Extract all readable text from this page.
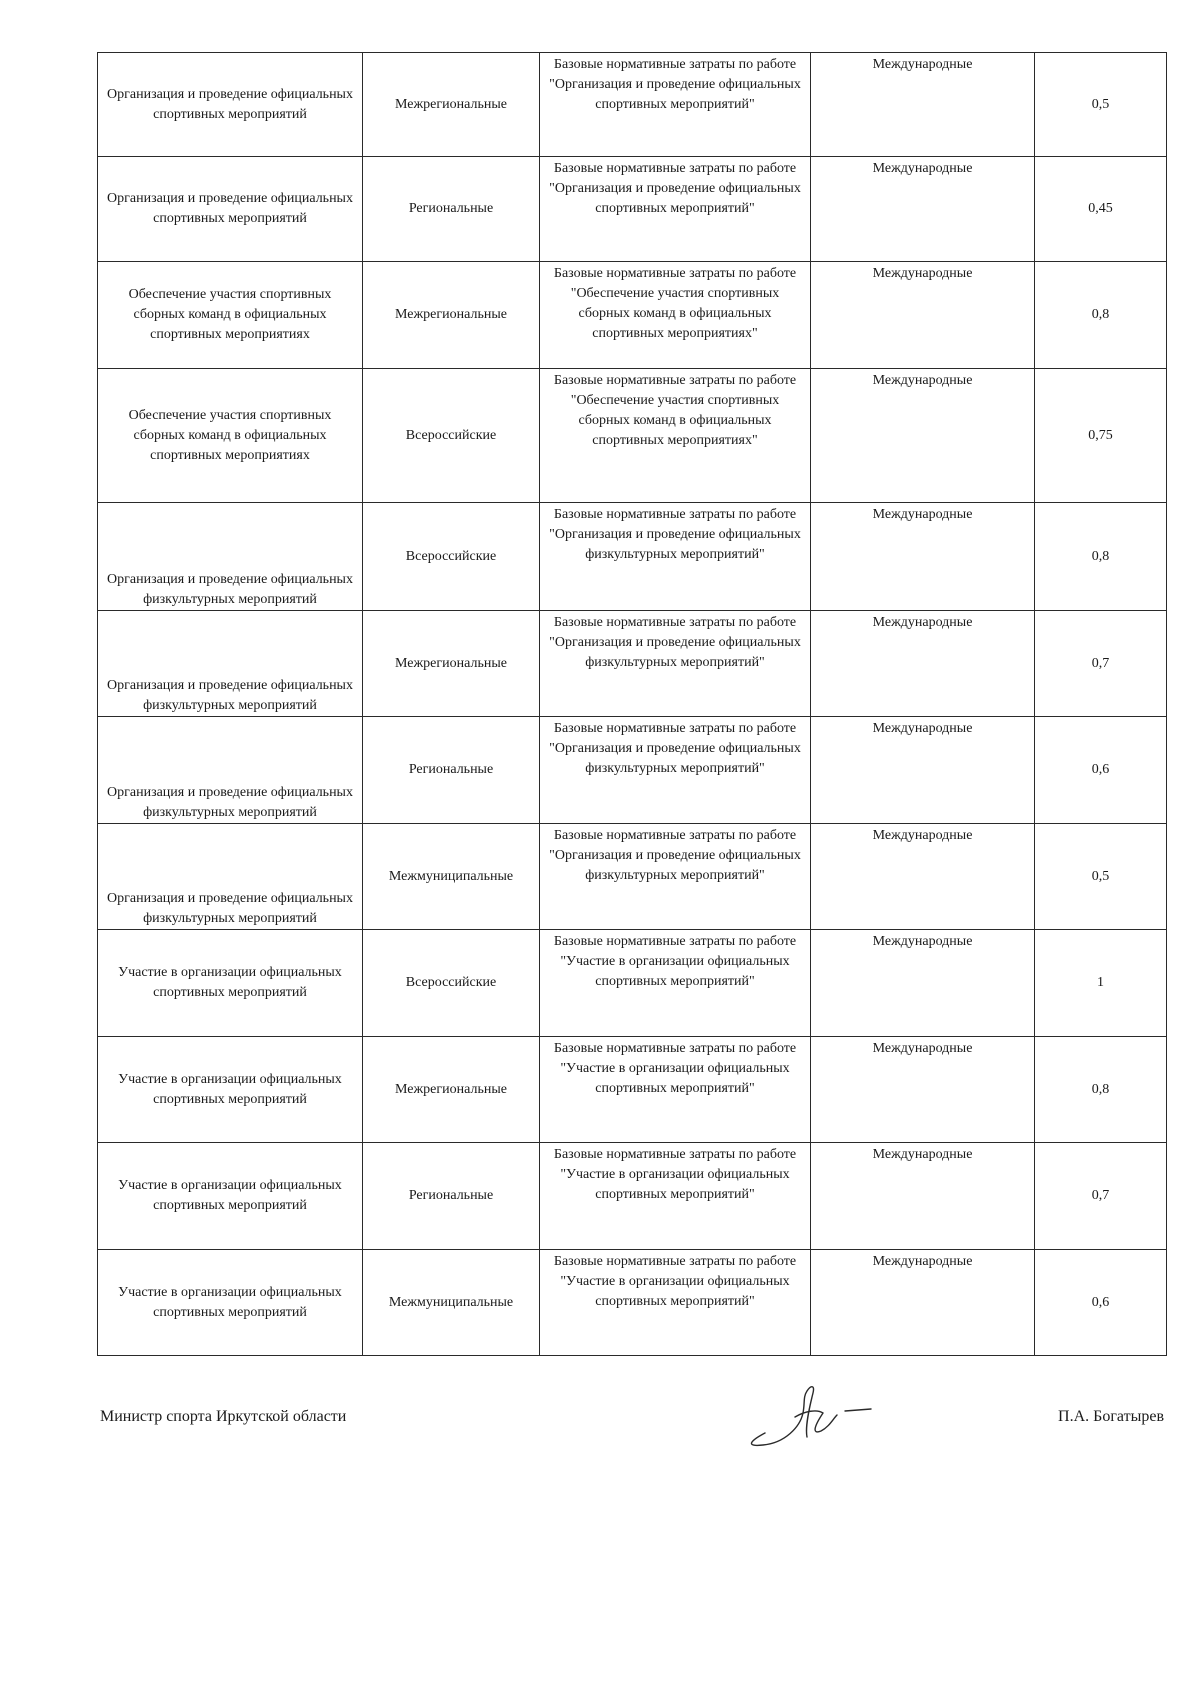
Организация и проведение официальных спортивных мероприятий	Межрегиональные	Базовые нормативные затраты по работе "Организация и проведение официальных спортивных мероприятий"	Международные	0,5

Организация и проведение официальных спортивных мероприятий	Региональные	Базовые нормативные затраты по работе "Организация и проведение официальных спортивных мероприятий"	Международные	0,45

Обеспечение участия спортивных сборных команд в официальных спортивных мероприятиях	Межрегиональные	Базовые нормативные затраты по работе "Обеспечение участия спортивных сборных команд в официальных спортивных мероприятиях"	Международные	0,8

Обеспечение участия спортивных сборных команд в официальных спортивных мероприятиях	Всероссийские	Базовые нормативные затраты по работе "Обеспечение участия спортивных сборных команд в официальных спортивных мероприятиях"	Международные	0,75

Организация и проведение официальных физкультурных мероприятий	Всероссийские	Базовые нормативные затраты по работе "Организация и проведение официальных физкультурных мероприятий"	Международные	0,8

Организация и проведение официальных физкультурных мероприятий	Межрегиональные	Базовые нормативные затраты по работе "Организация и проведение официальных физкультурных мероприятий"	Международные	0,7

Организация и проведение официальных физкультурных мероприятий	Региональные	Базовые нормативные затраты по работе "Организация и проведение официальных физкультурных мероприятий"	Международные	0,6

Организация и проведение официальных физкультурных мероприятий	Межмуниципальные	Базовые нормативные затраты по работе "Организация и проведение официальных физкультурных мероприятий"	Международные	0,5

Участие в организации официальных спортивных мероприятий	Всероссийские	Базовые нормативные затраты по работе "Участие в организации официальных спортивных мероприятий"	Международные	1

Участие в организации официальных спортивных мероприятий	Межрегиональные	Базовые нормативные затраты по работе "Участие в организации официальных спортивных мероприятий"	Международные	0,8

Участие в организации официальных спортивных мероприятий	Региональные	Базовые нормативные затраты по работе "Участие в организации официальных спортивных мероприятий"	Международные	0,7

Участие в организации официальных спортивных мероприятий	Межмуниципальные	Базовые нормативные затраты по работе "Участие в организации официальных спортивных мероприятий"	Международные	0,6
Министр спорта Иркутской области	П.А. Богатырев
